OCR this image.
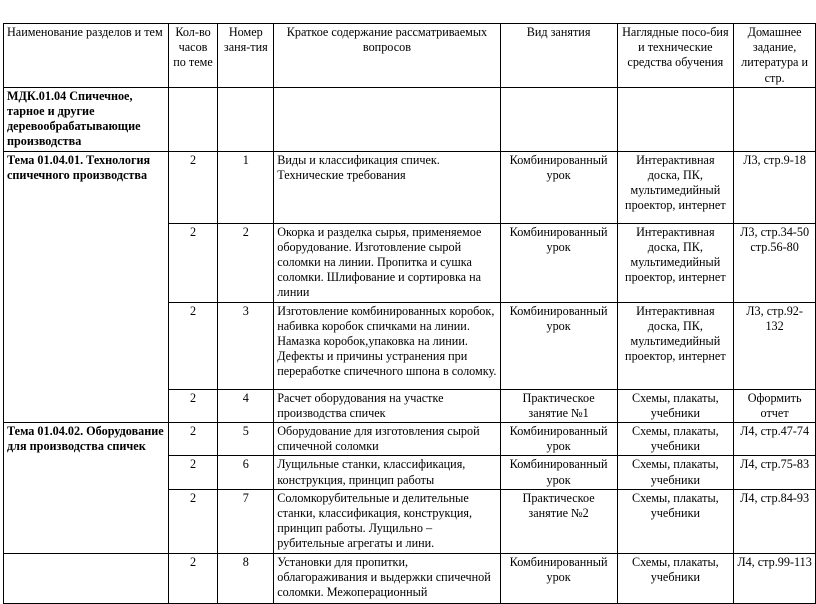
Наименование разделов и тем	Кол-во часов по теме	Номер заня-тия	Краткое содержание рассматриваемых вопросов	Вид занятия	Наглядные посо-бия и технические средства обучения	Домашнее задание, литература и стр.
МДК.01.04 Спичечное, тарное и другие деревообрабатывающие производства						
Тема 01.04.01. Технология спичечного производства	2	1	Виды и классификация спичек. Технические требования	Комбинированный урок	Интерактивная доска, ПК, мультимедийный проектор, интернет	Л3, стр.9-18
	2	2	Окорка и разделка сырья, применяемое оборудование. Изготовление сырой соломки на линии. Пропитка и сушка соломки. Шлифование и сортировка на линии	Комбинированный урок	Интерактивная доска, ПК, мультимедийный проектор, интернет	Л3, стр.34-50 стр.56-80
	2	3	Изготовление комбинированных коробок, набивка коробок спичками на линии. Намазка коробок,упаковка на линии. Дефекты и причины устранения при переработке спичечного шпона в соломку.	Комбинированный урок	Интерактивная доска, ПК, мультимедийный проектор, интернет	Л3, стр.92-132
	2	4	Расчет оборудования на участке производства спичек	Практическое занятие №1	Схемы, плакаты, учебники	Оформить отчет
Тема 01.04.02. Оборудование для производства спичек	2	5	Оборудование для изготовления сырой спичечной соломки	Комбинированный урок	Схемы, плакаты, учебники	Л4, стр.47-74
	2	6	Лущильные станки, классификация, конструкция, принцип работы	Комбинированный урок	Схемы, плакаты, учебники	Л4, стр.75-83
	2	7	Соломкорубительные и делительные станки, классификация, конструкция, принцип работы. Лущильно – рубительные агрегаты и лини.	Практическое занятие №2	Схемы, плакаты, учебники	Л4, стр.84-93
	2	8	Установки для пропитки, облагораживания и выдержки спичечной соломки. Межоперационный	Комбинированный урок	Схемы, плакаты, учебники	Л4, стр.99-113
